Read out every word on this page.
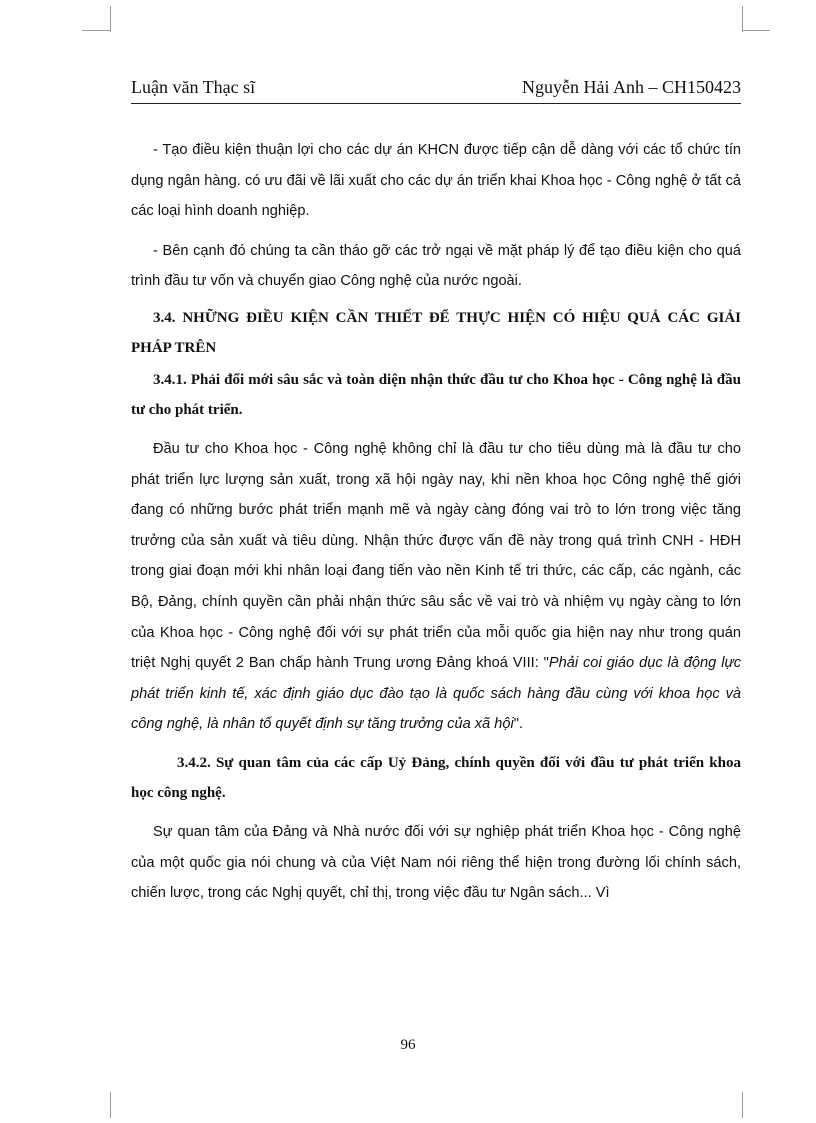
Luận văn Thạc sĩ	Nguyễn Hải Anh – CH150423

- Tạo điều kiện thuận lợi cho các dự án KHCN được tiếp cận dễ dàng với các tổ chức tín dụng ngân hàng. có ưu đãi về lãi xuất cho các dự án triển khai Khoa học - Công nghệ ở tất cả các loại hình doanh nghiệp.

- Bên cạnh đó chúng ta cần tháo gỡ các trở ngại về mặt pháp lý để tạo điều kiện cho quá trình đầu tư vốn và chuyển giao Công nghệ của nước ngoài.

3.4. NHỮNG ĐIỀU KIỆN CẦN THIẾT ĐỂ THỰC HIỆN CÓ HIỆU QUẢ CÁC GIẢI PHÁP TRÊN

3.4.1. Phải đổi mới sâu sắc và toàn diện nhận thức đầu tư cho Khoa học - Công nghệ là đầu tư cho phát triển.

Đầu tư cho Khoa học - Công nghệ không chỉ là đầu tư cho tiêu dùng mà là đầu tư cho phát triển lực lượng sản xuất, trong xã hội ngày nay, khi nền khoa học Công nghệ thế giới đang có những bước phát triển mạnh mẽ và ngày càng đóng vai trò to lớn trong việc tăng trưởng của sản xuất và tiêu dùng. Nhận thức được vấn đề này trong quá trình CNH - HĐH trong giai đoạn mới khi nhân loại đang tiến vào nền Kinh tế tri thức, các cấp, các ngành, các Bộ, Đảng, chính quyền cần phải nhận thức sâu sắc về vai trò và nhiệm vụ ngày càng to lớn của Khoa học - Công nghệ đối với sự phát triển của mỗi quốc gia hiện nay như trong quán triệt Nghị quyết 2 Ban chấp hành Trung ương Đảng khoá VIII: "Phải coi giáo dục là động lực phát triển kinh tế, xác định giáo dục đào tạo là quốc sách hàng đầu cùng với khoa học và công nghệ, là nhân tố quyết định sự tăng trưởng của xã hội".

3.4.2. Sự quan tâm của các cấp Uỷ Đảng, chính quyền đối với đầu tư phát triển khoa học công nghệ.

Sự quan tâm của Đảng và Nhà nước đối với sự nghiệp phát triển Khoa học - Công nghệ của một quốc gia nói chung và của Việt Nam nói riêng thể hiện trong đường lối chính sách, chiến lược, trong các Nghị quyết, chỉ thị, trong việc đầu tư Ngân sách... Vì

96
